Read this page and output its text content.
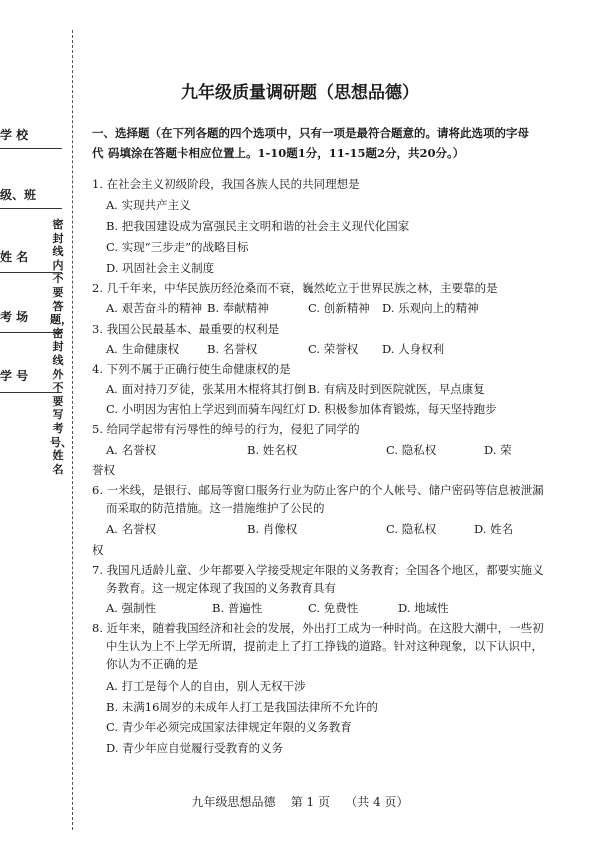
学 校
级、班
姓 名
考 场
学 号
密封线内不要答题，密封线外不要写考号、姓名
九年级质量调研题（思想品德）
一、选择题（在下列各题的四个选项中，只有一项是最符合题意的。请将此选项的字母代 码填涂在答题卡相应位置上。1-10题1分，11-15题2分，共20分。）
1. 在社会主义初级阶段，我国各族人民的共同理想是
A. 实现共产主义
B. 把我国建设成为富强民主文明和谐的社会主义现代化国家
C. 实现“三步走”的战略目标
D. 巩固社会主义制度
2. 几千年来，中华民族历经沧桑而不衰，巍然屹立于世界民族之林，主要靠的是
A. 艰苦奋斗的精神 B. 奉献精神	C. 创新精神 D. 乐观向上的精神
3. 我国公民最基本、最重要的权利是
A. 生命健康权 B. 名誉权	C. 荣誉权 D. 人身权利
4. 下列不属于正确行使生命健康权的是
A. 面对持刀歹徒，张某用木棍将其打倒 B. 有病及时到医院就医，早点康复
C. 小明因为害怕上学迟到而骑车闯红灯 D. 积极参加体育锻炼，每天坚持跑步
5. 给同学起带有污辱性的绰号的行为，侵犯了同学的
A. 名誉权	B. 姓名权	C. 隐私权	D. 荣
誉权
6. 一米线，是银行、邮局等窗口服务行业为防止客户的个人帐号、储户密码等信息被泄漏
而采取的防范措施。这一措施维护了公民的
A. 名誉权	B. 肖像权	C. 隐私权	D. 姓名
权
7. 我国凡适龄儿童、少年都要入学接受规定年限的义务教育；全国各个地区，都要实施义
务教育。这一规定体现了我国的义务教育具有
A. 强制性	B. 普遍性	C. 免费性	D. 地域性
8. 近年来，随着我国经济和社会的发展，外出打工成为一种时尚。在这股大潮中，一些初
中生认为上不上学无所谓，提前走上了打工挣钱的道路。针对这种现象，以下认识中，
你认为不正确的是
A. 打工是每个人的自由，别人无权干涉
B. 未满16周岁的未成年人打工是我国法律所不允许的
C. 青少年必须完成国家法律规定年限的义务教育
D. 青少年应自觉履行受教育的义务
九年级思想品德 第 1 页 （共 4 页）
